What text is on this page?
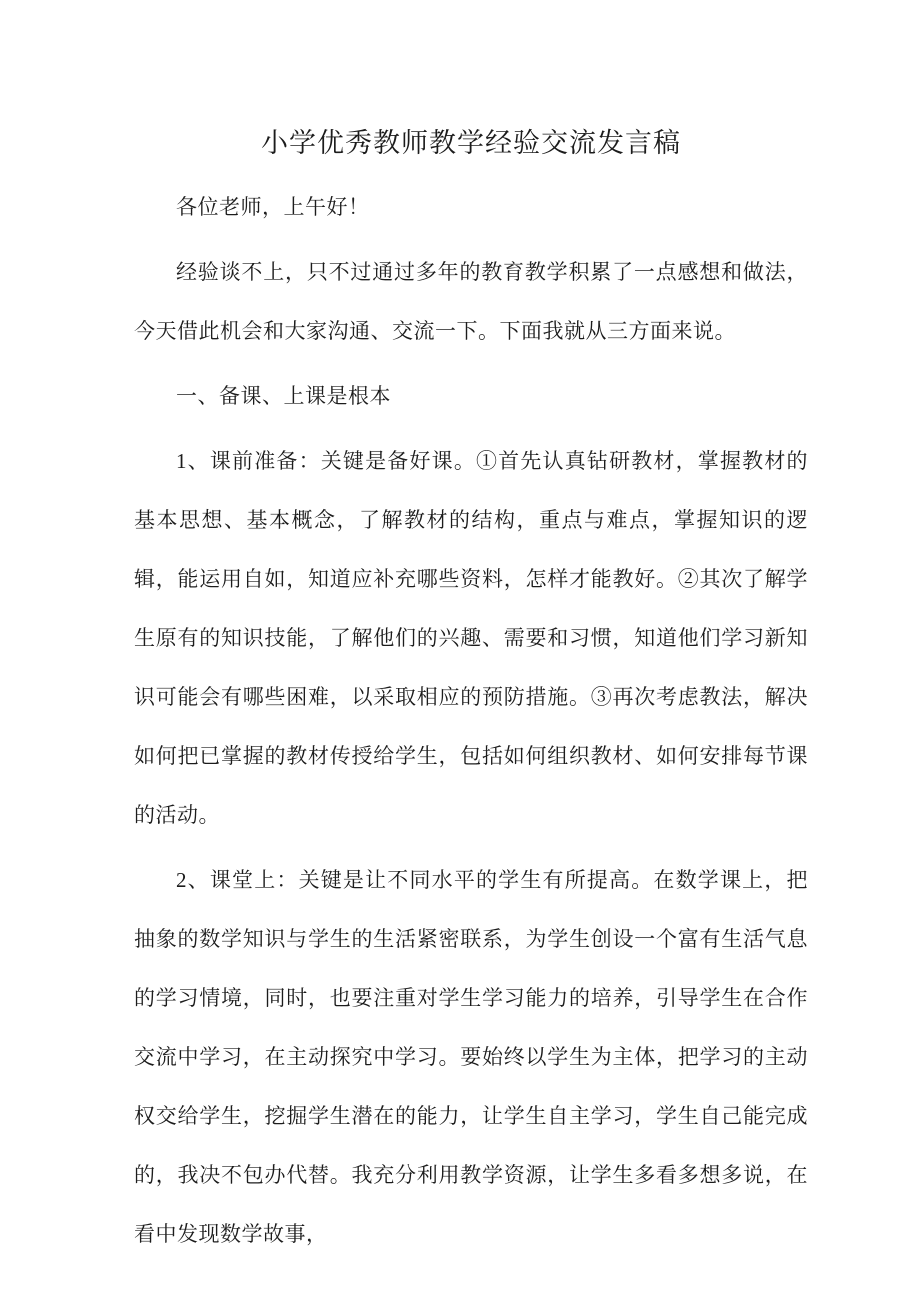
小学优秀教师教学经验交流发言稿

各位老师，上午好！

经验谈不上，只不过通过多年的教育教学积累了一点感想和做法，今天借此机会和大家沟通、交流一下。下面我就从三方面来说。

一、备课、上课是根本

1、课前准备：关键是备好课。①首先认真钻研教材，掌握教材的基本思想、基本概念，了解教材的结构，重点与难点，掌握知识的逻辑，能运用自如，知道应补充哪些资料，怎样才能教好。②其次了解学生原有的知识技能，了解他们的兴趣、需要和习惯，知道他们学习新知识可能会有哪些困难，以采取相应的预防措施。③再次考虑教法，解决如何把已掌握的教材传授给学生，包括如何组织教材、如何安排每节课的活动。

2、课堂上：关键是让不同水平的学生有所提高。在数学课上，把抽象的数学知识与学生的生活紧密联系，为学生创设一个富有生活气息的学习情境，同时，也要注重对学生学习能力的培养，引导学生在合作交流中学习，在主动探究中学习。要始终以学生为主体，把学习的主动权交给学生，挖掘学生潜在的能力，让学生自主学习，学生自己能完成的，我决不包办代替。我充分利用教学资源，让学生多看多想多说，在看中发现数学故事，
